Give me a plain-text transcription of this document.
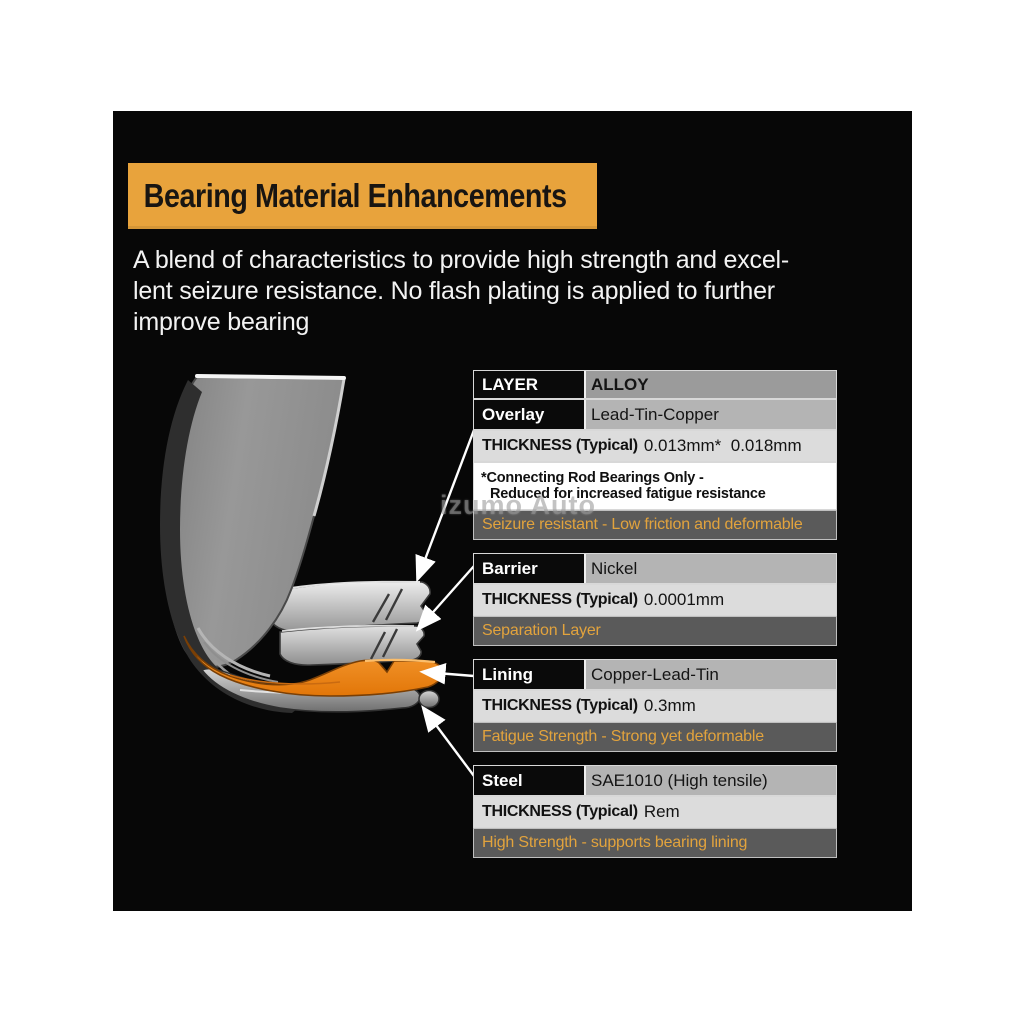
Bearing Material Enhancements
A blend of characteristics to provide high strength and excel-
lent seizure resistance. No flash plating is applied to further
improve bearing
izumo Auto
LAYER	ALLOY
Overlay	Lead-Tin-Copper
THICKNESS (Typical) 0.013mm*  0.018mm
*Connecting Rod Bearings Only -
Reduced for increased fatigue resistance
Seizure resistant - Low friction and deformable
Barrier	Nickel
THICKNESS (Typical) 0.0001mm
Separation Layer
Lining	Copper-Lead-Tin
THICKNESS (Typical) 0.3mm
Fatigue Strength - Strong yet deformable
Steel	SAE1010 (High tensile)
THICKNESS (Typical) Rem
High Strength - supports bearing lining
